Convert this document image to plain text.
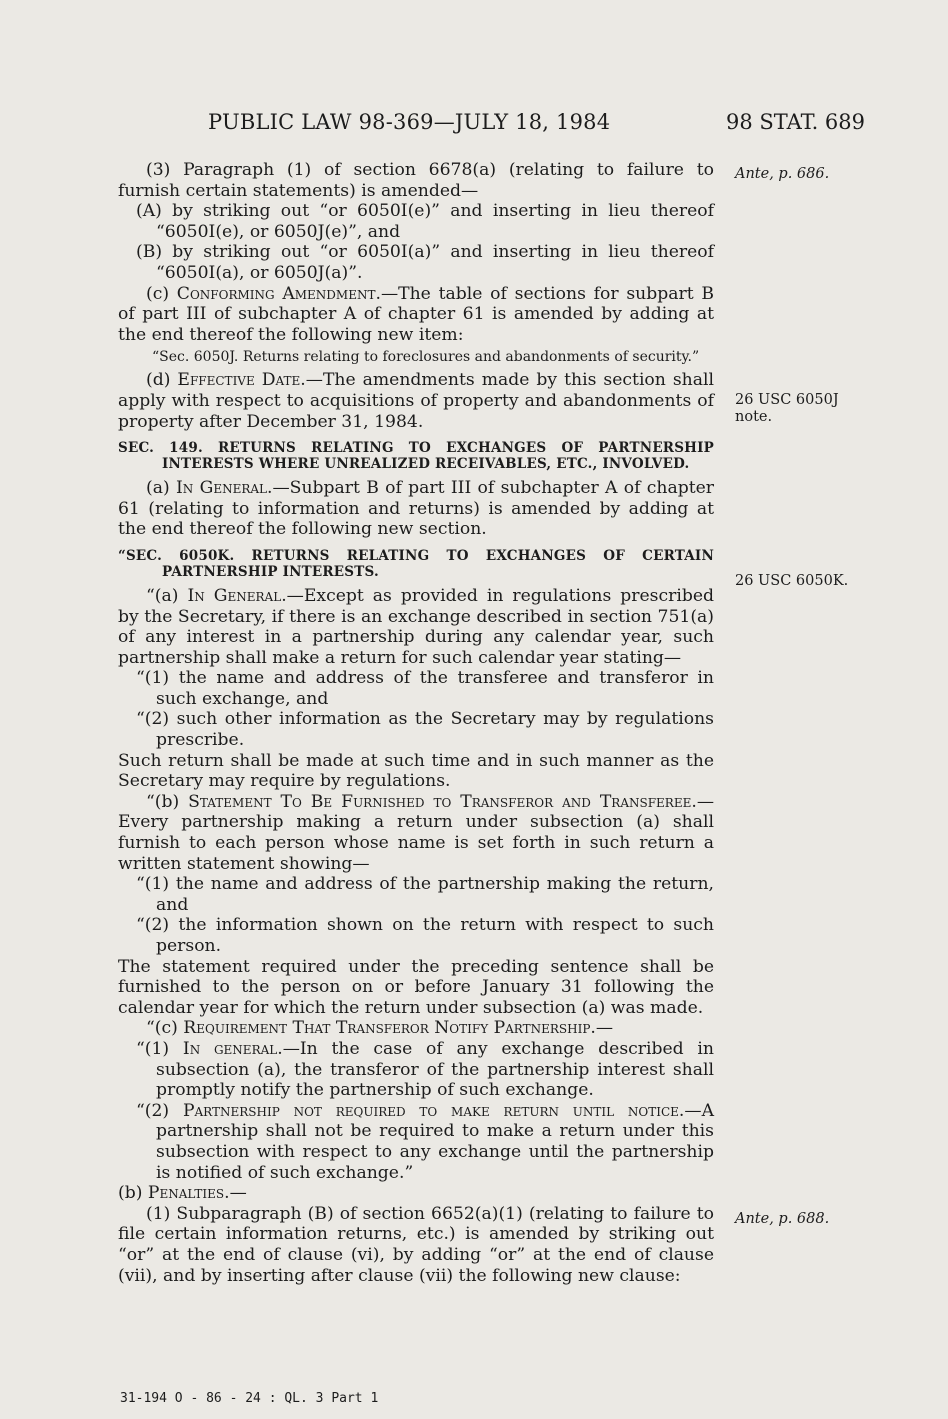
PUBLIC LAW 98-369—JULY 18, 1984	98 STAT. 689

(3) Paragraph (1) of section 6678(a) (relating to failure to furnish certain statements) is amended—

(A) by striking out “or 6050I(e)” and inserting in lieu thereof “6050I(e), or 6050J(e)”, and

(B) by striking out “or 6050I(a)” and inserting in lieu thereof “6050I(a), or 6050J(a)”.

(c) Conforming Amendment.—The table of sections for subpart B of part III of subchapter A of chapter 61 is amended by adding at the end thereof the following new item:

“Sec. 6050J. Returns relating to foreclosures and abandonments of security.”

(d) Effective Date.—The amendments made by this section shall apply with respect to acquisitions of property and abandonments of property after December 31, 1984.

SEC. 149. RETURNS RELATING TO EXCHANGES OF PARTNERSHIP INTERESTS WHERE UNREALIZED RECEIVABLES, ETC., INVOLVED.

(a) In General.—Subpart B of part III of subchapter A of chapter 61 (relating to information and returns) is amended by adding at the end thereof the following new section.

“SEC. 6050K. RETURNS RELATING TO EXCHANGES OF CERTAIN PARTNERSHIP INTERESTS.

“(a) In General.—Except as provided in regulations prescribed by the Secretary, if there is an exchange described in section 751(a) of any interest in a partnership during any calendar year, such partnership shall make a return for such calendar year stating—

“(1) the name and address of the transferee and transferor in such exchange, and

“(2) such other information as the Secretary may by regulations prescribe.

Such return shall be made at such time and in such manner as the Secretary may require by regulations.

“(b) Statement To Be Furnished to Transferor and Transferee.—Every partnership making a return under subsection (a) shall furnish to each person whose name is set forth in such return a written statement showing—

“(1) the name and address of the partnership making the return, and

“(2) the information shown on the return with respect to such person.

The statement required under the preceding sentence shall be furnished to the person on or before January 31 following the calendar year for which the return under subsection (a) was made.

“(c) Requirement That Transferor Notify Partnership.—

“(1) In general.—In the case of any exchange described in subsection (a), the transferor of the partnership interest shall promptly notify the partnership of such exchange.

“(2) Partnership not required to make return until notice.—A partnership shall not be required to make a return under this subsection with respect to any exchange until the partnership is notified of such exchange.”

(b) Penalties.—

(1) Subparagraph (B) of section 6652(a)(1) (relating to failure to file certain information returns, etc.) is amended by striking out “or” at the end of clause (vi), by adding “or” at the end of clause (vii), and by inserting after clause (vii) the following new clause:

Ante, p. 686.
26 USC 6050J
note.
26 USC 6050K.
Ante, p. 688.
31-194 O - 86 - 24 : QL. 3 Part 1
